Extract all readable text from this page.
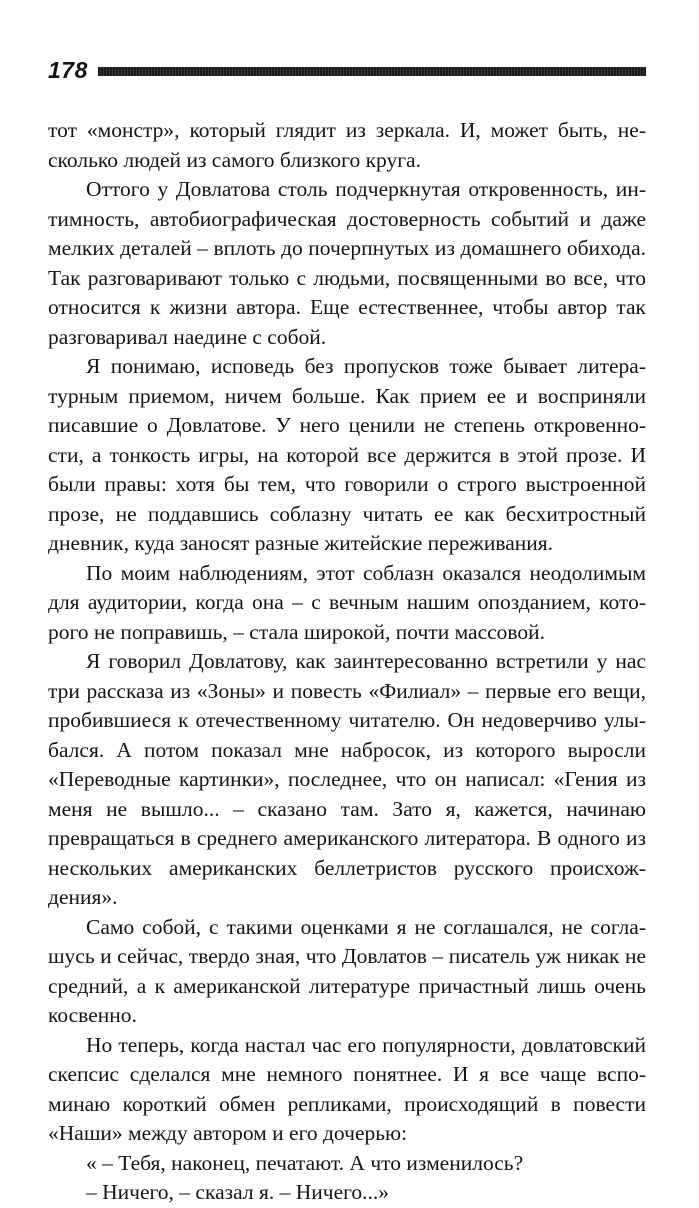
178

тот «монстр», который глядит из зеркала. И, может быть, несколько людей из самого близкого круга.

Оттого у Довлатова столь подчеркнутая откровенность, интимность, автобиографическая достоверность событий и даже мелких деталей – вплоть до почерпнутых из домашнего обихода. Так разговаривают только с людьми, посвященными во все, что относится к жизни автора. Еще естественнее, чтобы автор так разговаривал наедине с собой.

Я понимаю, исповедь без пропусков тоже бывает литературным приемом, ничем больше. Как прием ее и восприняли писавшие о Довлатове. У него ценили не степень откровенности, а тонкость игры, на которой все держится в этой прозе. И были правы: хотя бы тем, что говорили о строго выстроенной прозе, не поддавшись соблазну читать ее как бесхитростный дневник, куда заносят разные житейские переживания.

По моим наблюдениям, этот соблазн оказался неодолимым для аудитории, когда она – с вечным нашим опозданием, которого не поправишь, – стала широкой, почти массовой.

Я говорил Довлатову, как заинтересованно встретили у нас три рассказа из «Зоны» и повесть «Филиал» – первые его вещи, пробившиеся к отечественному читателю. Он недоверчиво улыбался. А потом показал мне набросок, из которого выросли «Переводные картинки», последнее, что он написал: «Гения из меня не вышло... – сказано там. Зато я, кажется, начинаю превращаться в среднего американского литератора. В одного из нескольких американских беллетристов русского происхождения».

Само собой, с такими оценками я не соглашался, не соглашусь и сейчас, твердо зная, что Довлатов – писатель уж никак не средний, а к американской литературе причастный лишь очень косвенно.

Но теперь, когда настал час его популярности, довлатовский скепсис сделался мне немного понятнее. И я все чаще вспоминаю короткий обмен репликами, происходящий в повести «Наши» между автором и его дочерью:

« – Тебя, наконец, печатают. А что изменилось?

– Ничего, – сказал я. – Ничего...»
